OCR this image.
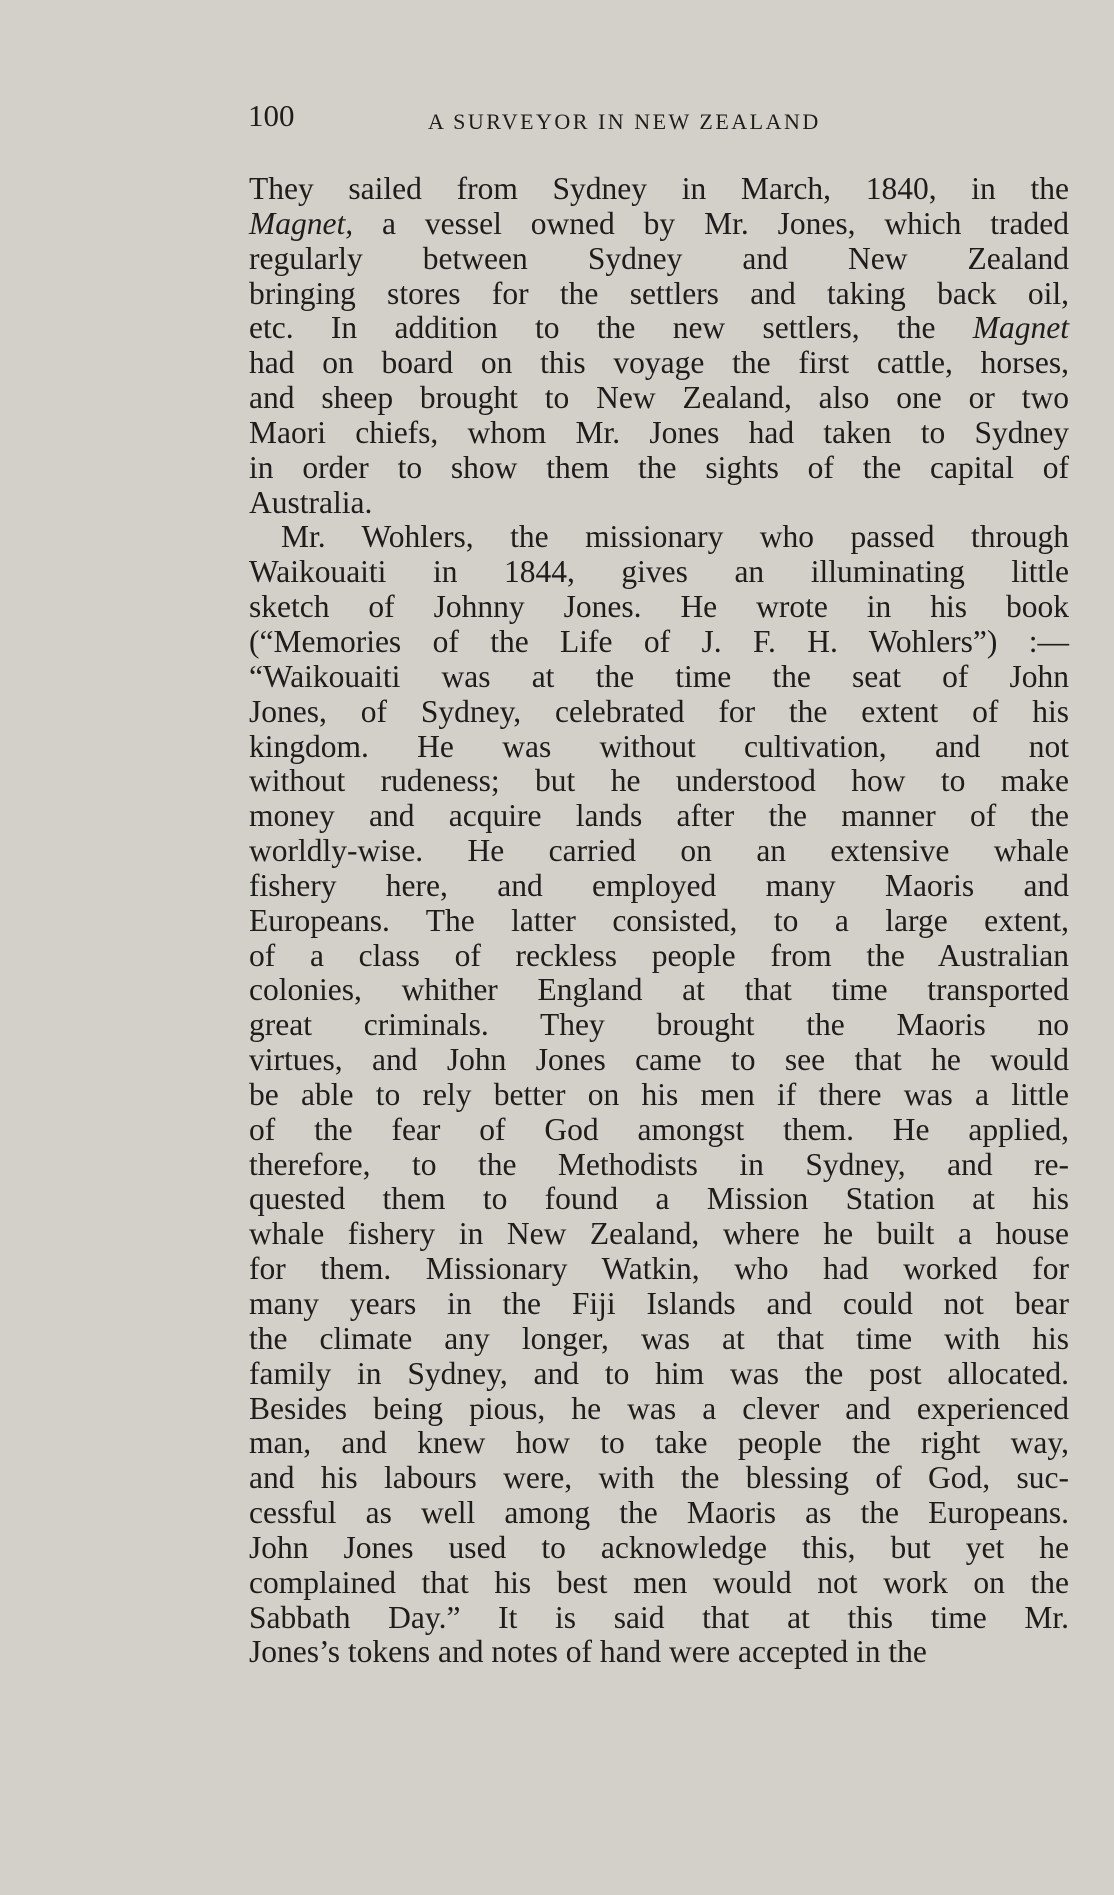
100	A SURVEYOR IN NEW ZEALAND
They sailed from Sydney in March, 1840, in the
Magnet, a vessel owned by Mr. Jones, which traded
regularly between Sydney and New Zealand
bringing stores for the settlers and taking back oil,
etc. In addition to the new settlers, the Magnet
had on board on this voyage the first cattle, horses,
and sheep brought to New Zealand, also one or two
Maori chiefs, whom Mr. Jones had taken to Sydney
in order to show them the sights of the capital of
Australia.
Mr. Wohlers, the missionary who passed through
Waikouaiti in 1844, gives an illuminating little
sketch of Johnny Jones. He wrote in his book
(“Memories of the Life of J. F. H. Wohlers”) :—
“Waikouaiti was at the time the seat of John
Jones, of Sydney, celebrated for the extent of his
kingdom. He was without cultivation, and not
without rudeness; but he understood how to make
money and acquire lands after the manner of the
worldly-wise. He carried on an extensive whale
fishery here, and employed many Maoris and
Europeans. The latter consisted, to a large extent,
of a class of reckless people from the Australian
colonies, whither England at that time transported
great criminals. They brought the Maoris no
virtues, and John Jones came to see that he would
be able to rely better on his men if there was a little
of the fear of God amongst them. He applied,
therefore, to the Methodists in Sydney, and re-
quested them to found a Mission Station at his
whale fishery in New Zealand, where he built a house
for them. Missionary Watkin, who had worked for
many years in the Fiji Islands and could not bear
the climate any longer, was at that time with his
family in Sydney, and to him was the post allocated.
Besides being pious, he was a clever and experienced
man, and knew how to take people the right way,
and his labours were, with the blessing of God, suc-
cessful as well among the Maoris as the Europeans.
John Jones used to acknowledge this, but yet he
complained that his best men would not work on the
Sabbath Day.” It is said that at this time Mr.
Jones’s tokens and notes of hand were accepted in the
